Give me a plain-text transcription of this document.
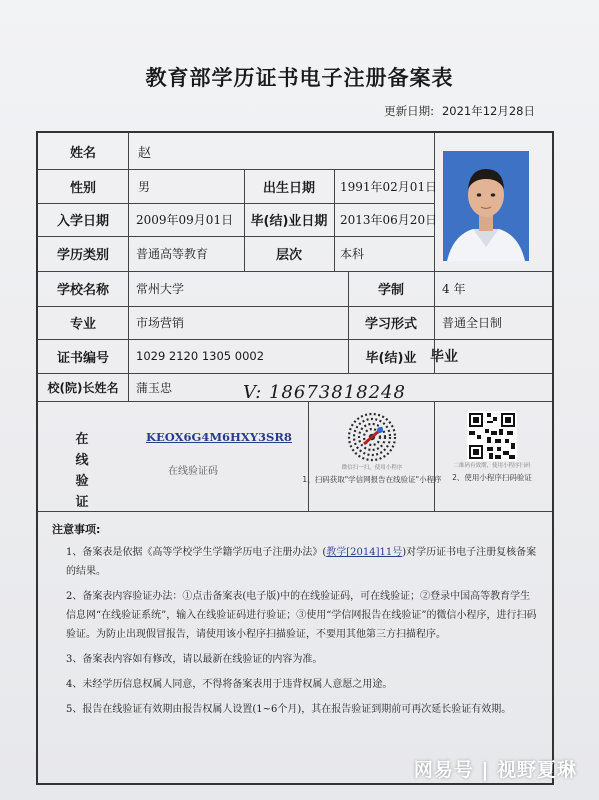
教育部学历证书电子注册备案表
更新日期: 2021年12月28日
姓名	赵
性别	男	出生日期	1991年02月01日
入学日期	2009年09月01日	毕(结)业日期	2013年06月20日
学历类别	普通高等教育	层次	本科
学校名称	常州大学	学制	4 年
专业	市场营销	学习形式	普通全日制
证书编号	1029 2120 1305 0002	毕(结)业 毕业
校(院)长姓名	蒲玉忠	V: 18673818248
在
线
验
证
KEOX6G4M6HXY3SR8
在线验证码	微信扫一扫，使用小程序
1、扫码获取"学信网报告在线验证"小程序
二维码有效期，使用小程序扫码
2、使用小程序扫码验证
注意事项:
1、备案表是依据《高等学校学生学籍学历电子注册办法》(教学[2014]11号)对学历证书电子注册复核备案的结果。
2、备案表内容验证办法：①点击备案表(电子版)中的在线验证码，可在线验证；②登录中国高等教育学生信息网“在线验证系统”，输入在线验证码进行验证；③使用“学信网报告在线验证”的微信小程序，进行扫码验证。为防止出现假冒报告，请使用该小程序扫描验证，不要用其他第三方扫描程序。
3、备案表内容如有修改，请以最新在线验证的内容为准。
4、未经学历信息权属人同意，不得将备案表用于违背权属人意愿之用途。
5、报告在线验证有效期由报告权属人设置(1~6个月)，其在报告验证到期前可再次延长验证有效期。
网易号 | 视野夏琳
